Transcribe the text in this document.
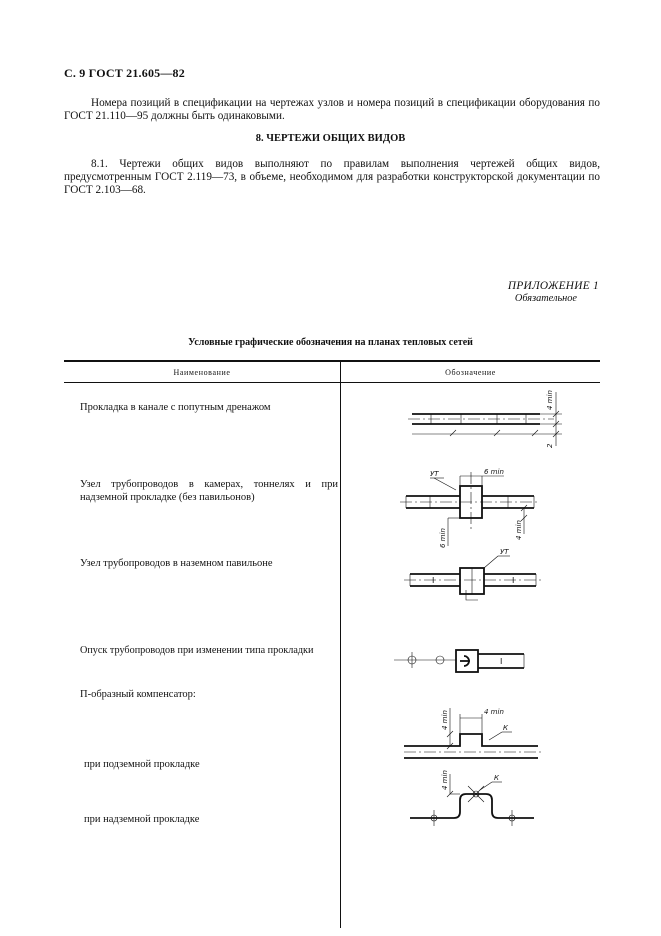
С. 9 ГОСТ 21.605—82
Номера позиций в спецификации на чертежах узлов и номера позиций в спецификации оборудования по ГОСТ 21.110—95 должны быть одинаковыми.
8. ЧЕРТЕЖИ ОБЩИХ ВИДОВ
8.1. Чертежи общих видов выполняют по правилам выполнения чертежей общих видов, предусмотренным ГОСТ 2.119—73, в объеме, необходимом для разработки конструкторской документации по ГОСТ 2.103—68.
ПРИЛОЖЕНИЕ 1
Обязательное
Условные графические обозначения на планах тепловых сетей
Наименование	Обозначение
Прокладка в канале с попутным дренажом
Узел трубопроводов в камерах, тоннелях и при надземной прокладке (без павильонов)
Узел трубопроводов в наземном павильоне
Опуск трубопроводов при изменении типа прокладки
П-образный компенсатор:
при подземной прокладке
при надземной прокладке
4 min
2
УТ	6 min
6 min	4 min
УТ
I	I
I
4 min	4 min
К
4 min	К
